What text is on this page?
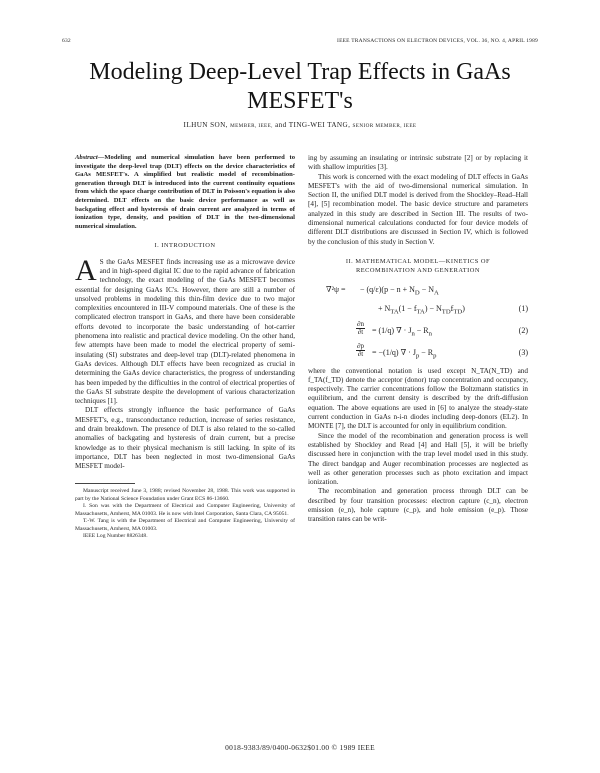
632	IEEE TRANSACTIONS ON ELECTRON DEVICES, VOL. 36, NO. 4, APRIL 1989
Modeling Deep-Level Trap Effects in GaAs
MESFET's
ILHUN SON, MEMBER, IEEE, and TING-WEI TANG, SENIOR MEMBER, IEEE

Abstract—Modeling and numerical simulation have been performed to investigate the deep-level trap (DLT) effects on the device characteristics of GaAs MESFET's. A simplified but realistic model of recombination-generation through DLT is introduced into the current continuity equations from which the space charge contribution of DLT in Poisson's equation is also determined. DLT effects on the basic device performance as well as backgating effect and hysteresis of drain current are analyzed in terms of ionization type, density, and position of DLT in the two-dimensional numerical simulation.

I. INTRODUCTION

A S the GaAs MESFET finds increasing use as a microwave device and in high-speed digital IC due to the rapid advance of fabrication technology, the exact modeling of the GaAs MESFET becomes essential for designing GaAs IC's. However, there are still a number of unsolved problems in modeling this thin-film device due to two major complexities encountered in III-V compound materials. One of these is the complicated electron transport in GaAs, and there have been considerable efforts devoted to incorporate the basic understanding of hot-carrier phenomena into realistic and practical device modeling. On the other hand, few attempts have been made to model the electrical property of semi-insulating (SI) substrates and deep-level trap (DLT)-related phenomena in GaAs devices. Although DLT effects have been recognized as crucial in determining the GaAs device characteristics, the progress of understanding has been impeded by the difficulties in the control of electrical properties of the GaAs SI substrate despite the development of various characterization techniques [1].

DLT effects strongly influence the basic performance of GaAs MESFET's, e.g., transconductance reduction, increase of series resistance, and drain breakdown. The presence of DLT is also related to the so-called anomalies of backgating and hysteresis of drain current, but a precise knowledge as to their physical mechanism is still lacking. In spite of its importance, DLT has been neglected in most two-dimensional GaAs MESFET model-

Manuscript received June 3, 1988; revised November 28, 1988. This work was supported in part by the National Science Foundation under Grant ECS 86-13660.

I. Son was with the Department of Electrical and Computer Engineering, University of Massachusetts, Amherst, MA 01003. He is now with Intel Corporation, Santa Clara, CA 95051.

T.-W. Tang is with the Department of Electrical and Computer Engineering, University of Massachusetts, Amherst, MA 01003.

IEEE Log Number 8826348.

ing by assuming an insulating or intrinsic substrate [2] or by replacing it with shallow impurities [3].

This work is concerned with the exact modeling of DLT effects in GaAs MESFET's with the aid of two-dimensional numerical simulation. In Section II, the unified DLT model is derived from the Shockley–Read–Hall [4], [5] recombination model. The basic device structure and parameters analyzed in this study are described in Section III. The results of two-dimensional numerical calculations conducted for four device models of different DLT distributions are discussed in Section IV, which is followed by the conclusion of this study in Section V.

II. MATHEMATICAL MODEL—KINETICS OF
RECOMBINATION AND GENERATION
∇²ψ = − $(q/\varepsilon)(p - n + N_D - N_A$
+ $N_{TA}(1 - f_{TA}) - N_{TD}f_{TD}$)	(1)
$\frac{\partial n}{\partial t} = (1/q)$ ∇ · $J_n - R_n$	(2)
$\frac{\partial p}{\partial t} = -(1/q)$ ∇ · $J_p - R_p$	(3)

where the conventional notation is used except N_TA(N_TD) and f_TA(f_TD) denote the acceptor (donor) trap concentration and occupancy, respectively. The carrier concentrations follow the Boltzmann statistics in equilibrium, and the current density is described by the drift-diffusion equation. The above equations are used in [6] to analyze the steady-state current conduction in GaAs n-i-n diodes including deep-donors (EL2). In MONTE [7], the DLT is accounted for only in equilibrium condition.

Since the model of the recombination and generation process is well established by Shockley and Read [4] and Hall [5], it will be briefly discussed here in conjunction with the trap level model used in this study. The direct bandgap and Auger recombination processes are neglected as well as other generation processes such as photo excitation and impact ionization.

The recombination and generation process through DLT can be described by four transition processes: electron capture (c_n), electron emission (e_n), hole capture (c_p), and hole emission (e_p). Those transition rates can be writ-

0018-9383/89/0400-0632$01.00 © 1989 IEEE
